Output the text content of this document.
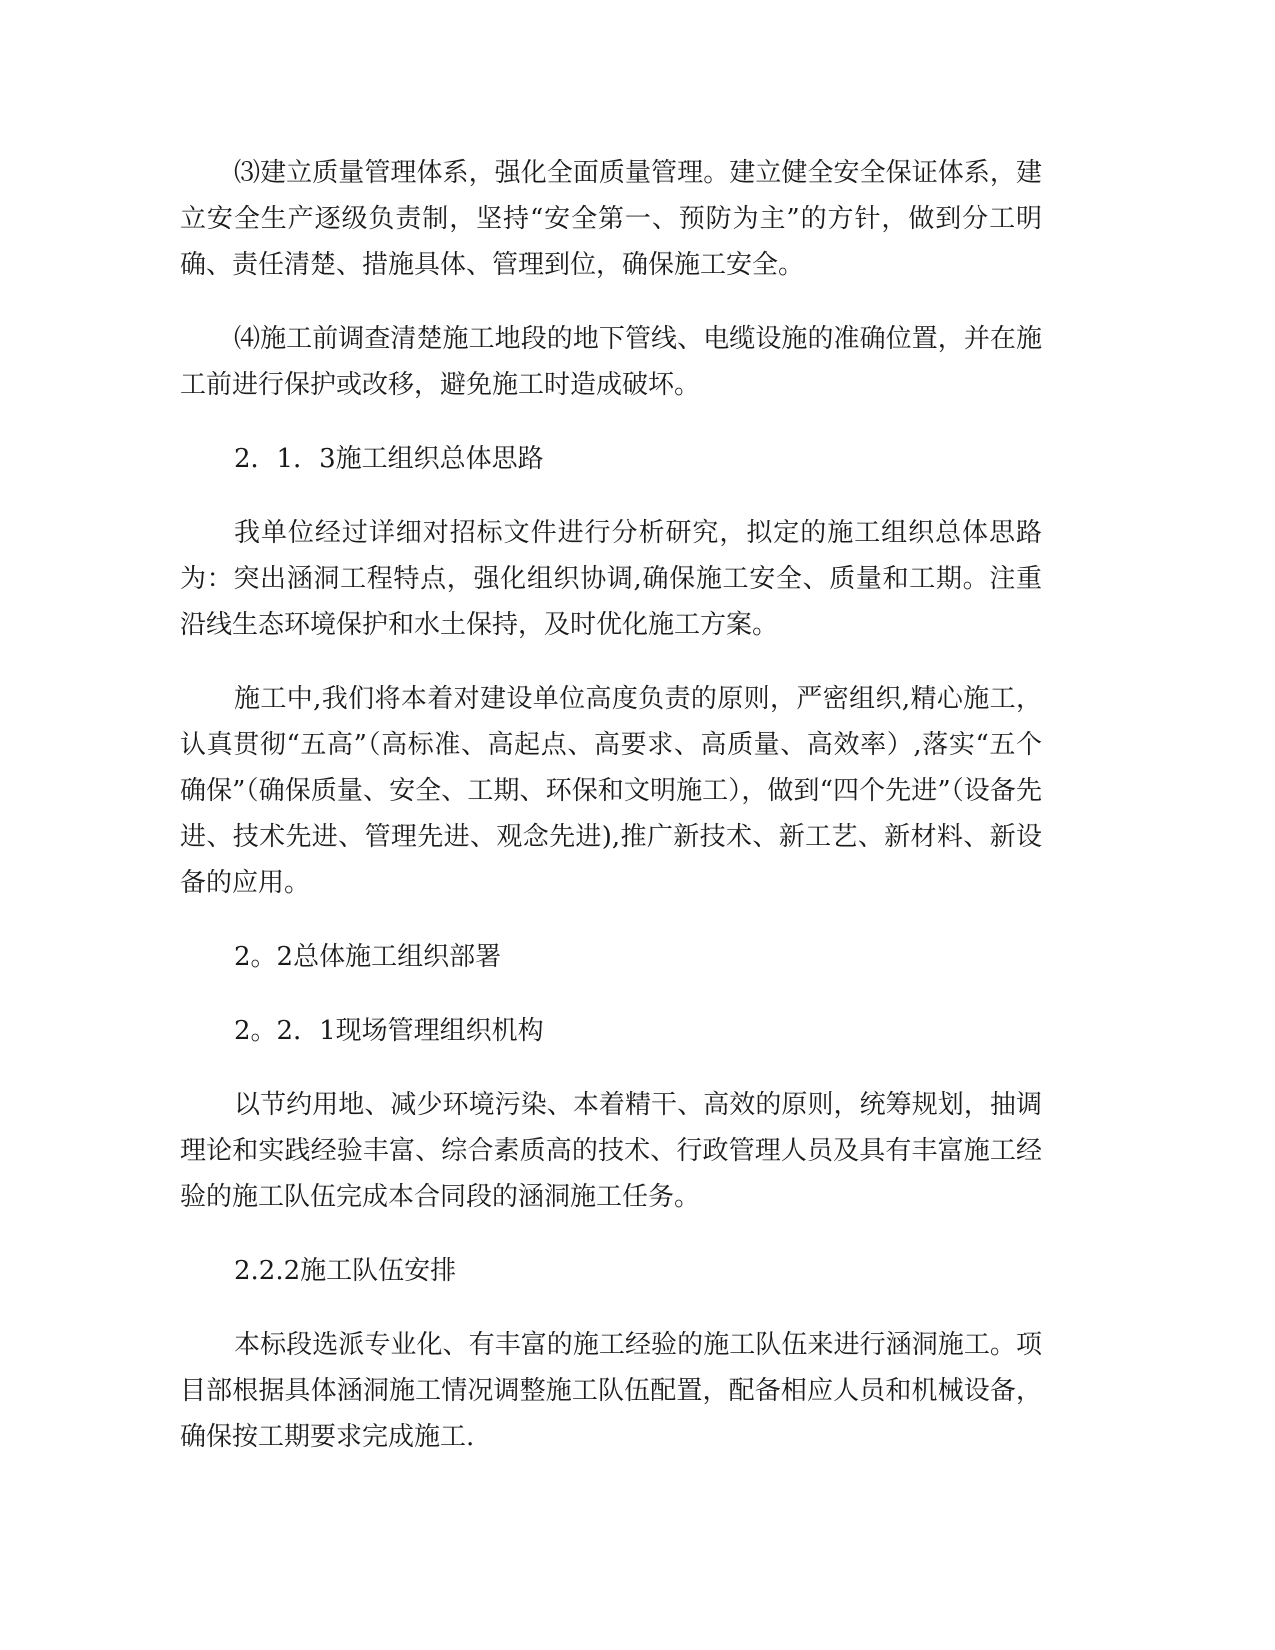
⑶建立质量管理体系，强化全面质量管理。建立健全安全保证体系，建立安全生产逐级负责制，坚持“安全第一、预防为主”的方针，做到分工明确、责任清楚、措施具体、管理到位，确保施工安全。

⑷施工前调查清楚施工地段的地下管线、电缆设施的准确位置，并在施工前进行保护或改移，避免施工时造成破坏。

2．1．3施工组织总体思路

我单位经过详细对招标文件进行分析研究，拟定的施工组织总体思路为：突出涵洞工程特点，强化组织协调,确保施工安全、质量和工期。注重沿线生态环境保护和水土保持，及时优化施工方案。

施工中,我们将本着对建设单位高度负责的原则，严密组织,精心施工，认真贯彻“五高”（高标准、高起点、高要求、高质量、高效率）,落实“五个确保”（确保质量、安全、工期、环保和文明施工），做到“四个先进”（设备先进、技术先进、管理先进、观念先进),推广新技术、新工艺、新材料、新设备的应用。

2。2总体施工组织部署

2。2．1现场管理组织机构

以节约用地、减少环境污染、本着精干、高效的原则，统筹规划，抽调理论和实践经验丰富、综合素质高的技术、行政管理人员及具有丰富施工经验的施工队伍完成本合同段的涵洞施工任务。

2.2.2施工队伍安排

本标段选派专业化、有丰富的施工经验的施工队伍来进行涵洞施工。项目部根据具体涵洞施工情况调整施工队伍配置，配备相应人员和机械设备，确保按工期要求完成施工.
